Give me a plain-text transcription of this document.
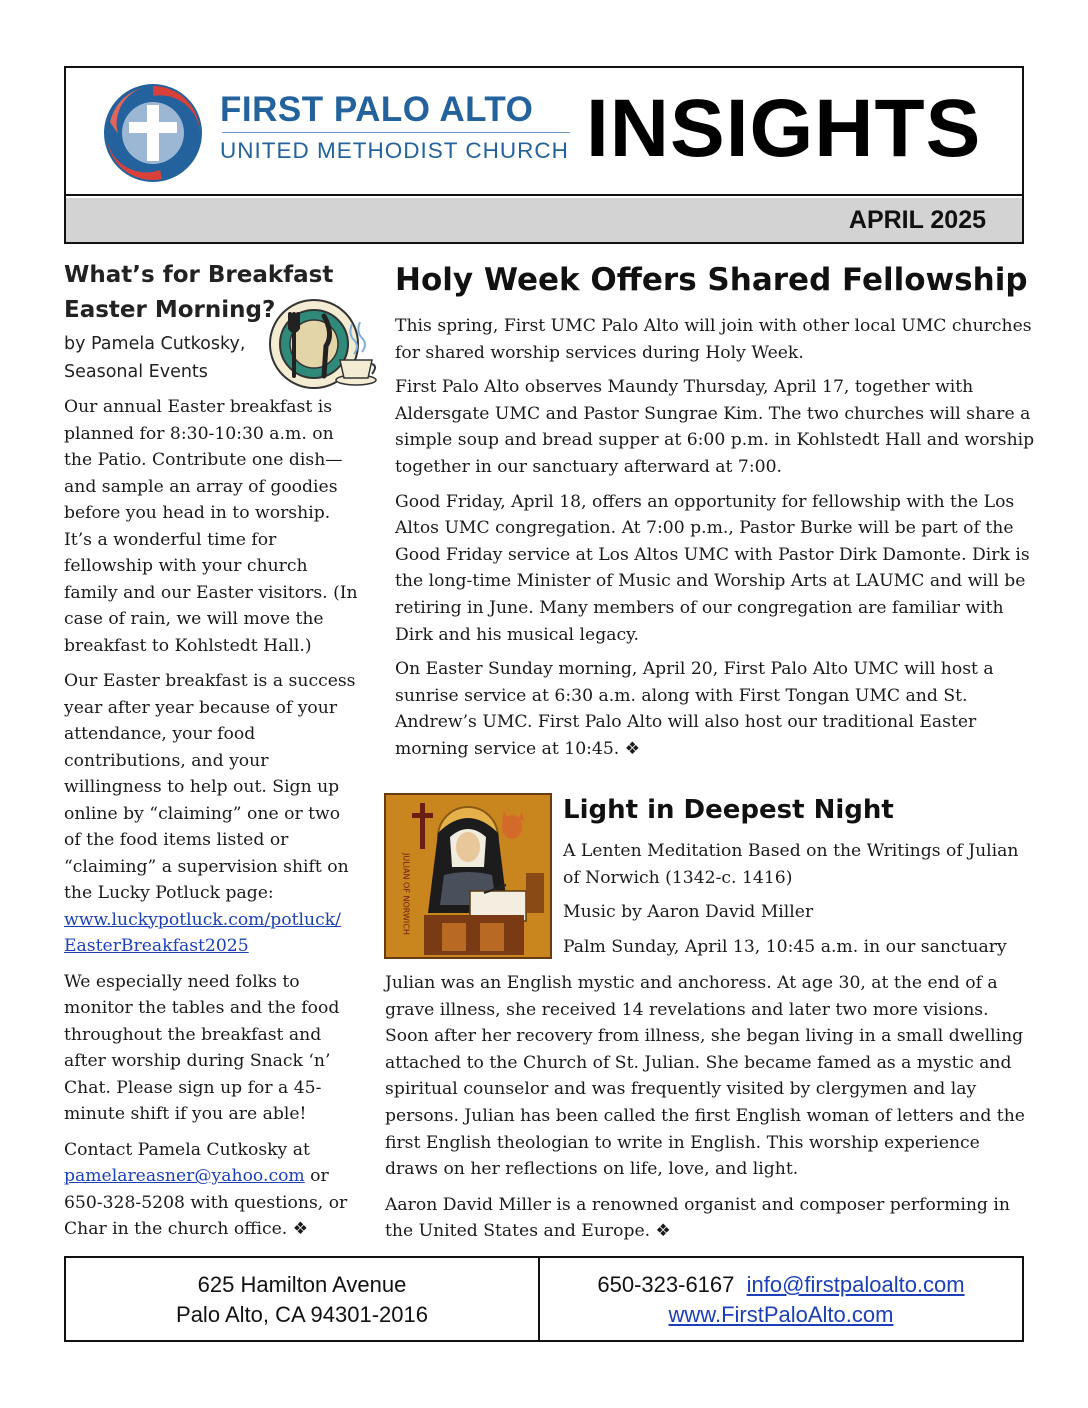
FIRST PALO ALTO
UNITED METHODIST CHURCH INSIGHTS
APRIL 2025
What’s for Breakfast
Easter Morning?
by Pamela Cutkosky,
Seasonal Events

Our annual Easter breakfast is planned for 8:30-10:30 a.m. on the Patio. Contribute one dish—and sample an array of goodies before you head in to worship. It’s a wonderful time for fellowship with your church family and our Easter visitors. (In case of rain, we will move the breakfast to Kohlstedt Hall.)

Our Easter breakfast is a success year after year because of your attendance, your food contributions, and your willingness to help out. Sign up online by “claiming” one or two of the food items listed or “claiming” a supervision shift on the Lucky Potluck page: www.luckypotluck.com/potluck/
EasterBreakfast2025

We especially need folks to monitor the tables and the food throughout the breakfast and after worship during Snack ‘n’ Chat. Please sign up for a 45-minute shift if you are able!

Contact Pamela Cutkosky at pamelareasner@yahoo.com or 650-328-5208 with questions, or Char in the church office. ❖

Holy Week Offers Shared Fellowship

This spring, First UMC Palo Alto will join with other local UMC churches for shared worship services during Holy Week.

First Palo Alto observes Maundy Thursday, April 17, together with Aldersgate UMC and Pastor Sungrae Kim. The two churches will share a simple soup and bread supper at 6:00 p.m. in Kohlstedt Hall and worship together in our sanctuary afterward at 7:00.

Good Friday, April 18, offers an opportunity for fellowship with the Los Altos UMC congregation. At 7:00 p.m., Pastor Burke will be part of the Good Friday service at Los Altos UMC with Pastor Dirk Damonte. Dirk is the long-time Minister of Music and Worship Arts at LAUMC and will be retiring in June. Many members of our congregation are familiar with Dirk and his musical legacy.

On Easter Sunday morning, April 20, First Palo Alto UMC will host a sunrise service at 6:30 a.m. along with First Tongan UMC and St. Andrew’s UMC. First Palo Alto will also host our traditional Easter morning service at 10:45. ❖

JULIAN OF NORWICH
Light in Deepest Night

A Lenten Meditation Based on the Writings of Julian of Norwich (1342-c. 1416)

Music by Aaron David Miller

Palm Sunday, April 13, 10:45 a.m. in our sanctuary

Julian was an English mystic and anchoress. At age 30, at the end of a grave illness, she received 14 revelations and later two more visions. Soon after her recovery from illness, she began living in a small dwelling attached to the Church of St. Julian. She became famed as a mystic and spiritual counselor and was frequently visited by clergymen and lay persons. Julian has been called the first English woman of letters and the first English theologian to write in English. This worship experience draws on her reflections on life, love, and light.

Aaron David Miller is a renowned organist and composer performing in the United States and Europe. ❖

625 Hamilton Avenue
Palo Alto, CA 94301-2016
650-323-6167 info@firstpaloalto.com
www.FirstPaloAlto.com
